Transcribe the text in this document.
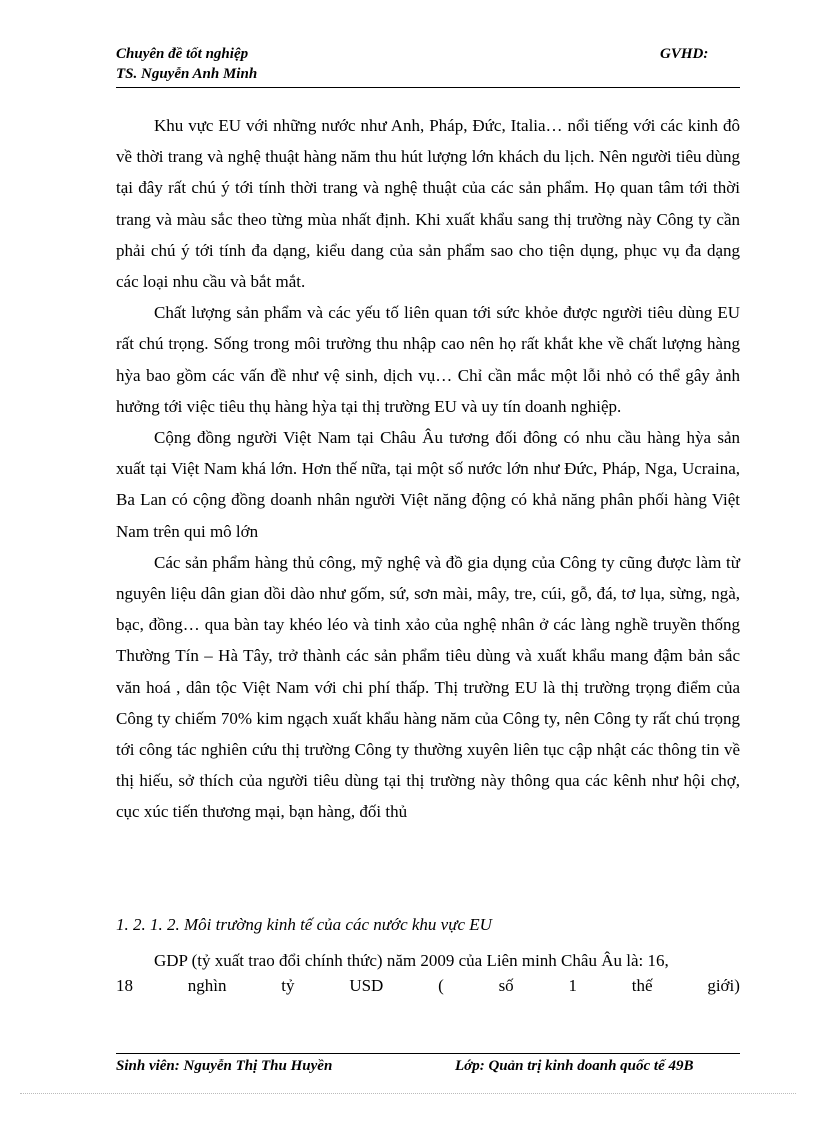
Chuyên đề tốt nghiệp
TS. Nguyễn Anh Minh
GVHD:

Khu vực EU với những nước như Anh, Pháp, Đức, Italia… nổi tiếng với các kinh đô về thời trang và nghệ thuật hàng năm thu hút lượng lớn khách du lịch. Nên người tiêu dùng tại đây rất chú ý tới tính thời trang và nghệ thuật của các sản phẩm. Họ quan tâm tới thời trang và màu sắc theo từng mùa nhất định. Khi xuất khẩu sang thị trường này Công ty cần phải chú ý tới tính đa dạng, kiểu dang của sản phẩm sao cho tiện dụng, phục vụ đa dạng các loại nhu cầu và bắt mắt.

Chất lượng sản phẩm và các yếu tố liên quan tới sức khỏe được người tiêu dùng EU rất chú trọng. Sống trong môi trường thu nhập cao nên họ rất khắt khe về chất lượng hàng hỳa bao gồm các vấn đề như vệ sinh, dịch vụ… Chỉ cần mắc một lỗi nhỏ có thể gây ảnh hưởng tới việc tiêu thụ hàng hỳa tại thị trường EU và uy tín doanh nghiệp.

Cộng đồng người Việt Nam tại Châu Âu tương đối đông có nhu cầu hàng hỳa sản xuất tại Việt Nam khá lớn. Hơn thế nữa, tại một số nước lớn như Đức, Pháp, Nga, Ucraina, Ba Lan có cộng đồng doanh nhân người Việt năng động có khả năng phân phối hàng Việt Nam trên qui mô lớn

Các sản phẩm hàng thủ công, mỹ nghệ và đồ gia dụng của Công ty cũng được làm từ nguyên liệu dân gian dồi dào như gốm, sứ, sơn mài, mây, tre, cúi, gỗ, đá, tơ lụa, sừng, ngà, bạc, đồng… qua bàn tay khéo léo và tinh xảo của nghệ nhân ở các làng nghề truyền thống Thường Tín – Hà Tây, trở thành các sản phẩm tiêu dùng và xuất khẩu mang đậm bản sắc văn hoá , dân tộc Việt Nam với chi phí thấp. Thị trường EU là thị trường trọng điểm của Công ty chiếm 70% kim ngạch xuất khẩu hàng năm của Công ty, nên Công ty rất chú trọng tới công tác nghiên cứu thị trường Công ty thường xuyên liên tục cập nhật các thông tin về thị hiếu, sở thích của người tiêu dùng tại thị trường này thông qua các kênh như hội chợ, cục xúc tiến thương mại, bạn hàng, đối thủ

1. 2. 1. 2. Môi trường kinh tế của các nước khu vực EU

GDP (tỷ xuất trao đổi chính thức) năm 2009 của Liên minh Châu Âu là: 16,

18	nghìn	tỷ	USD	(	số	1	thế	giới)
Sinh viên: Nguyễn Thị Thu Huyền	Lớp: Quản trị kinh doanh quốc tế 49B
